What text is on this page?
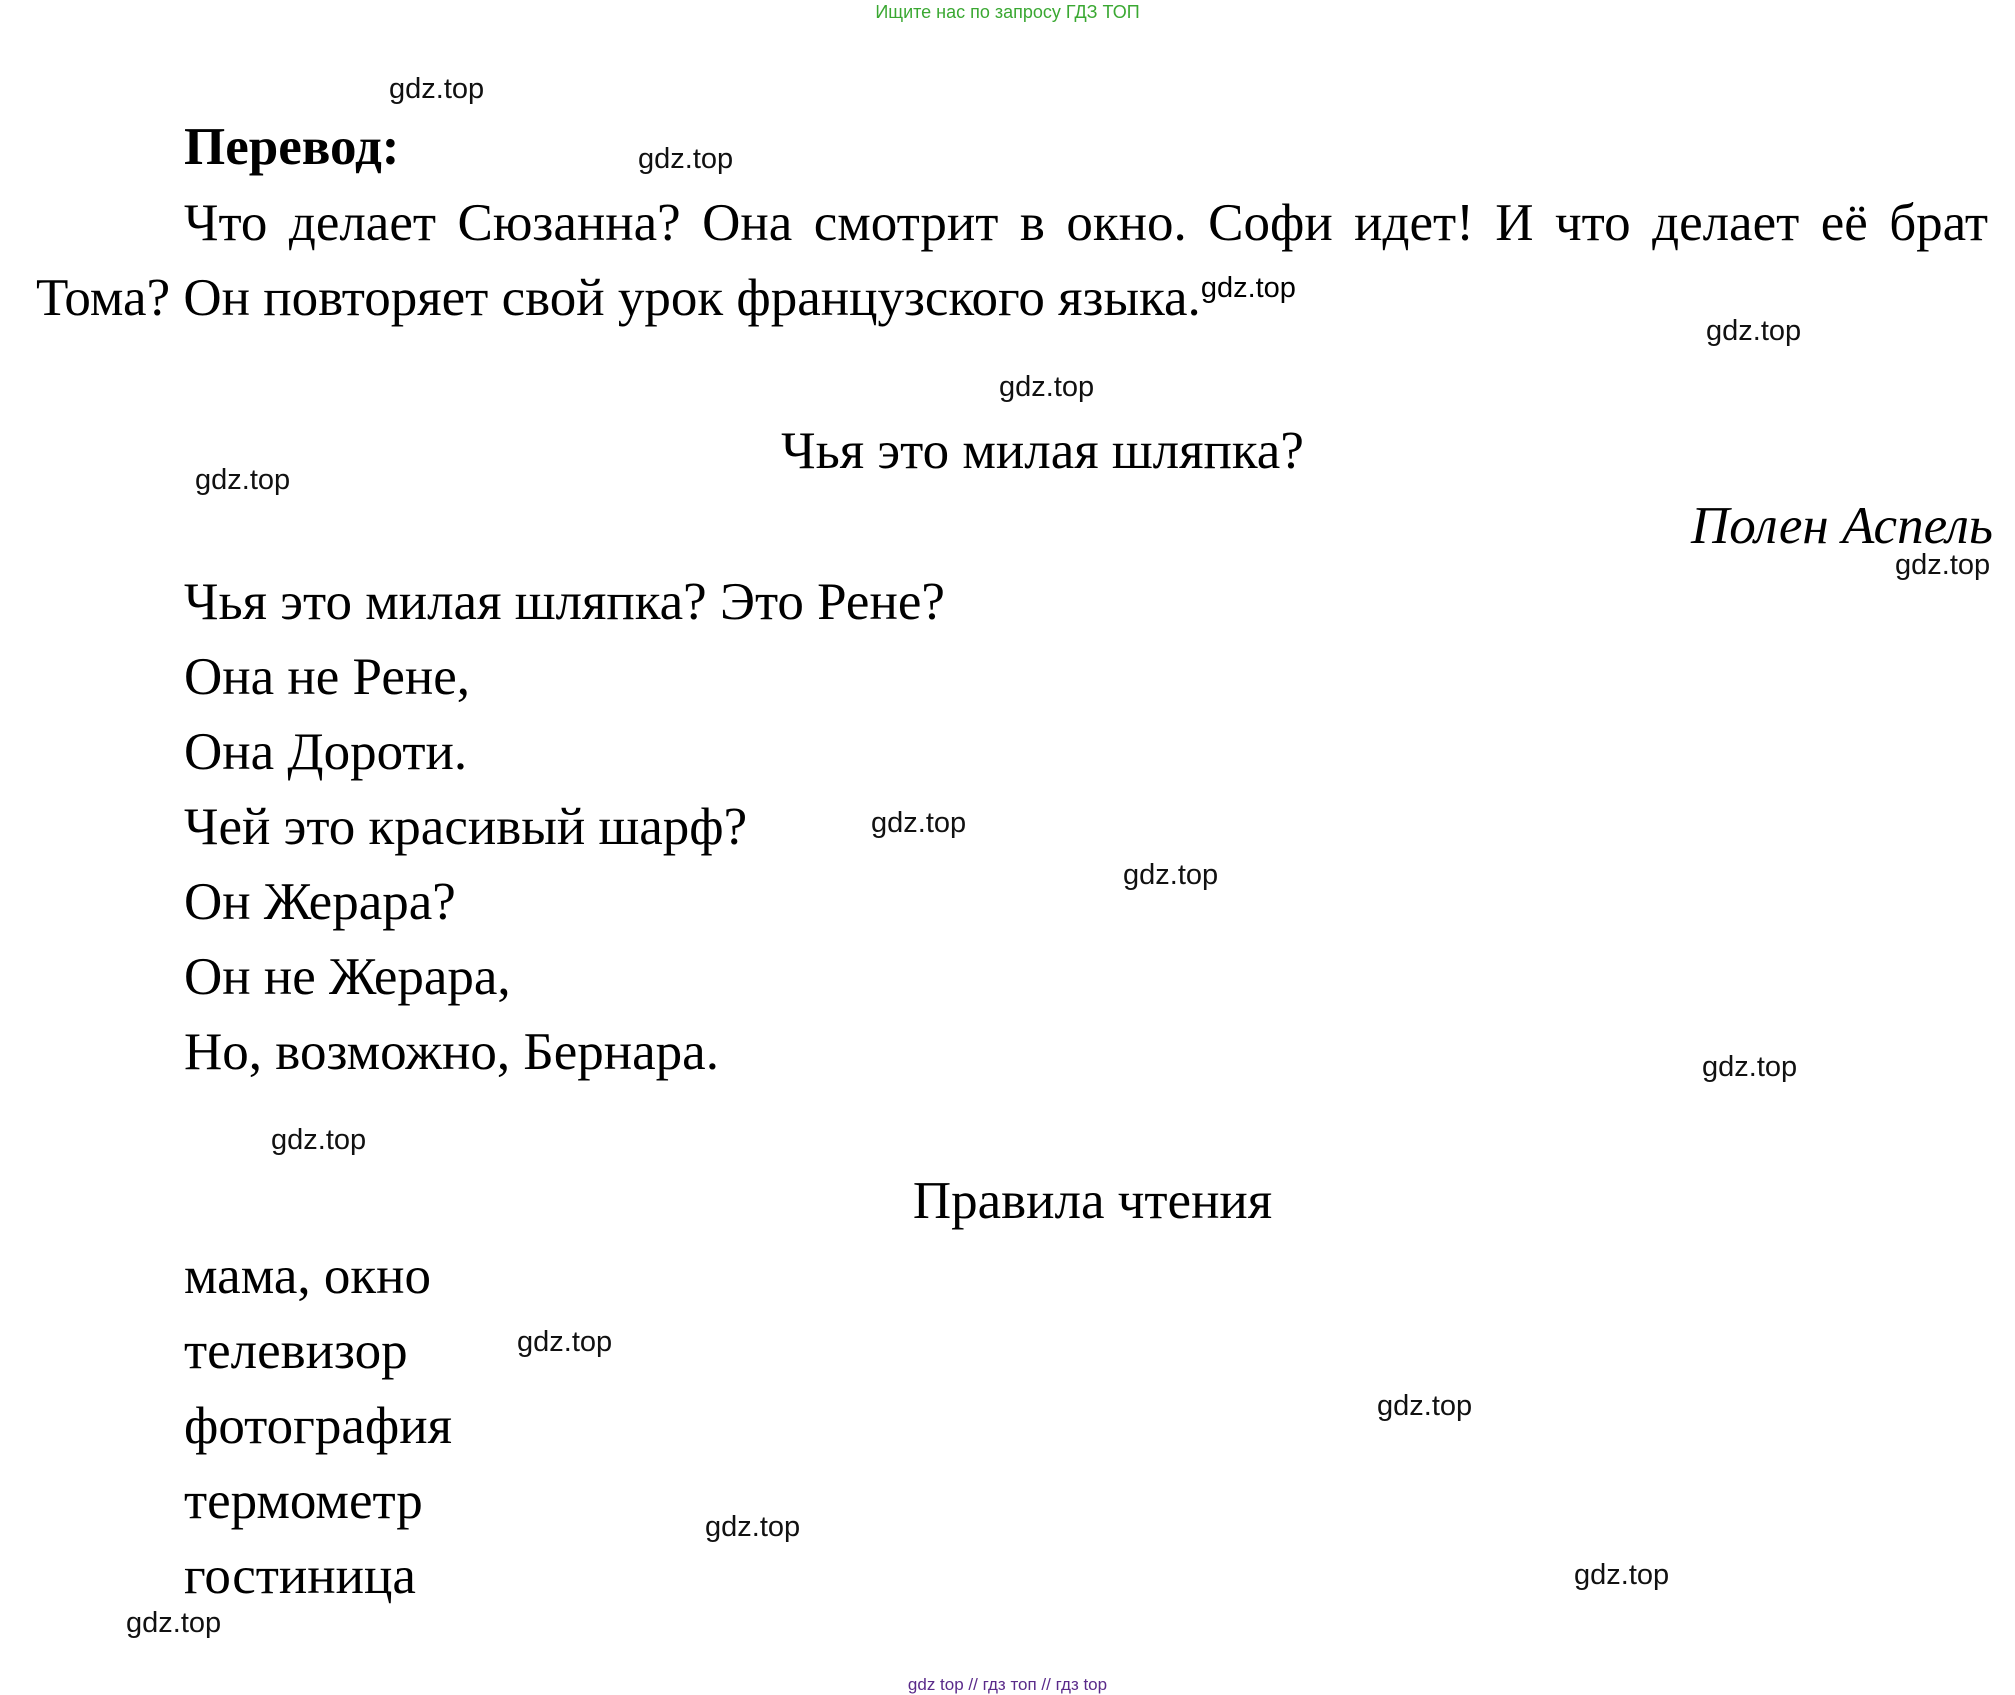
Ищите нас по запросу ГДЗ ТОП
gdz.top
gdz.top
gdz.top
gdz.top
gdz.top
gdz.top
gdz.top
gdz.top
gdz.top
gdz.top
gdz.top
gdz.top
gdz.top
gdz.top
gdz.top
Перевод:
Что делает Сюзанна? Она смотрит в окно. Софи идет! И что делает её брат Тома? Он повторяет свой урок французского языка.$^{gdz.top}$
Чья это милая шляпка?
Полен Аспель
Чья это милая шляпка? Это Рене?
Она не Рене,
Она Дороти.
Чей это красивый шарф?
Он Жерара?
Он не Жерара,
Но, возможно, Бернара.
Правила чтения
мама, окно
телевизор
фотография
термометр
гостиница
gdz top // гдз топ // гдз top
